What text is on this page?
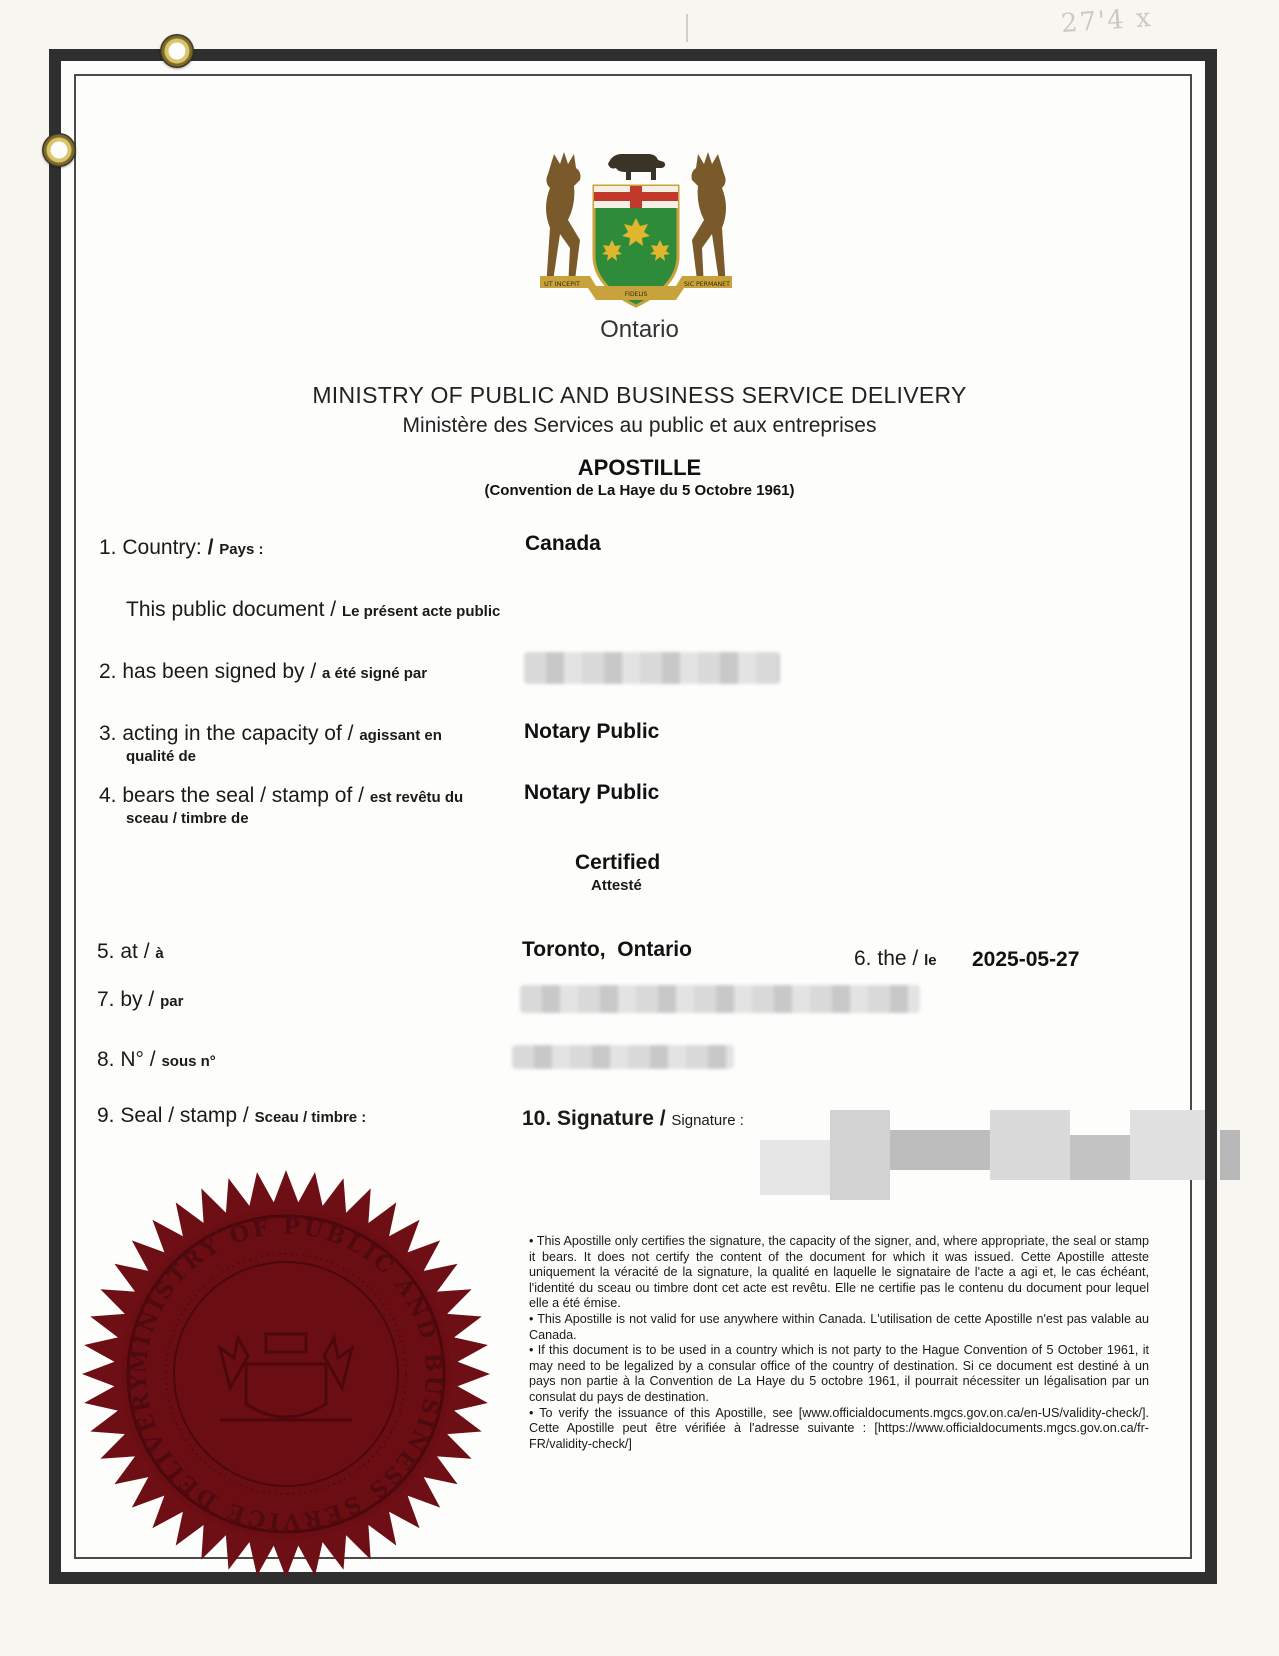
27'4 x
UT INCEPIT
FIDELIS
SIC PERMANET
Ontario
MINISTRY OF PUBLIC AND BUSINESS SERVICE DELIVERY
Ministère des Services au public et aux entreprises
APOSTILLE
(Convention de La Haye du 5 Octobre 1961)
1. Country: / Pays :	Canada
This public document / Le présent acte public
2. has been signed by / a été signé par
3. acting in the capacity of / agissant en
qualité de
Notary Public
4. bears the seal / stamp of / est revêtu du
sceau / timbre de
Notary Public
Certified
Attesté
5. at / à	Toronto,  Ontario	6. the / le 2025-05-27
7. by / par
8. N° / sous n°
9. Seal / stamp / Sceau / timbre :	10. Signature / Signature :

• This Apostille only certifies the signature, the capacity of the signer, and, where appropriate, the seal or stamp it bears. It does not certify the content of the document for which it was issued. Cette Apostille atteste uniquement la véracité de la signature, la qualité en laquelle le signataire de l'acte a agi et, le cas échéant, l'identité du sceau ou timbre dont cet acte est revêtu. Elle ne certifie pas le contenu du document pour lequel elle a été émise.

• This Apostille is not valid for use anywhere within Canada. L'utilisation de cette Apostille n'est pas valable au Canada.

• If this document is to be used in a country which is not party to the Hague Convention of 5 October 1961, it may need to be legalized by a consular office of the country of destination. Si ce document est destiné à un pays non partie à la Convention de La Haye du 5 octobre 1961, il pourrait nécessiter un légalisation par un consulat du pays de destination.

• To verify the issuance of this Apostille, see [www.officialdocuments.mgcs.gov.on.ca/en-US/validity-check/]. Cette Apostille peut être vérifiée à l'adresse suivante : [https://www.officialdocuments.mgcs.gov.on.ca/fr-FR/validity-check/]

MINISTRY OF PUBLIC AND BUSINESS SERVICE DELIVERY
